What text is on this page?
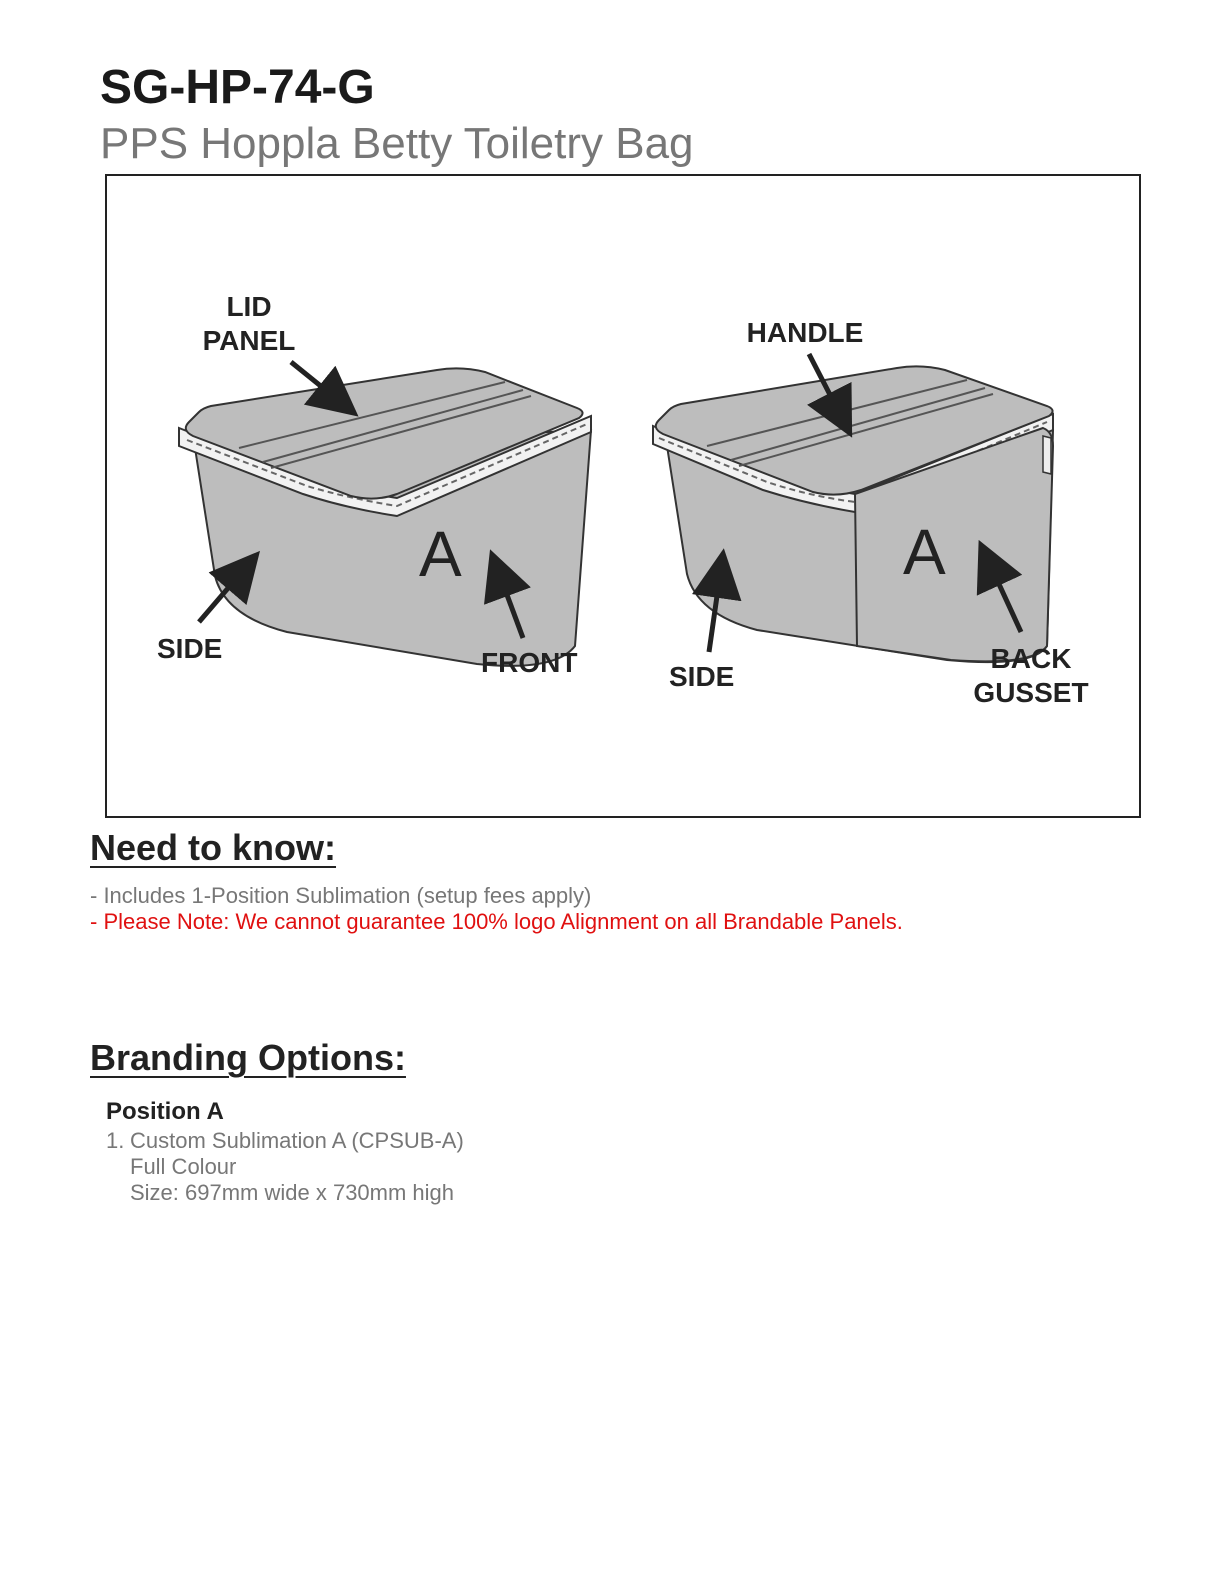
SG-HP-74-G
PPS Hoppla Betty Toiletry Bag
A
LID
PANEL
SIDE	FRONT
A
HANDLE
SIDE
BACK
GUSSET
Need to know:
- Includes 1-Position Sublimation (setup fees apply)
- Please Note: We cannot guarantee 100% logo Alignment on all Brandable Panels.
Branding Options:
Position A
1. Custom Sublimation A (CPSUB-A)
Full Colour
Size: 697mm wide x 730mm high
